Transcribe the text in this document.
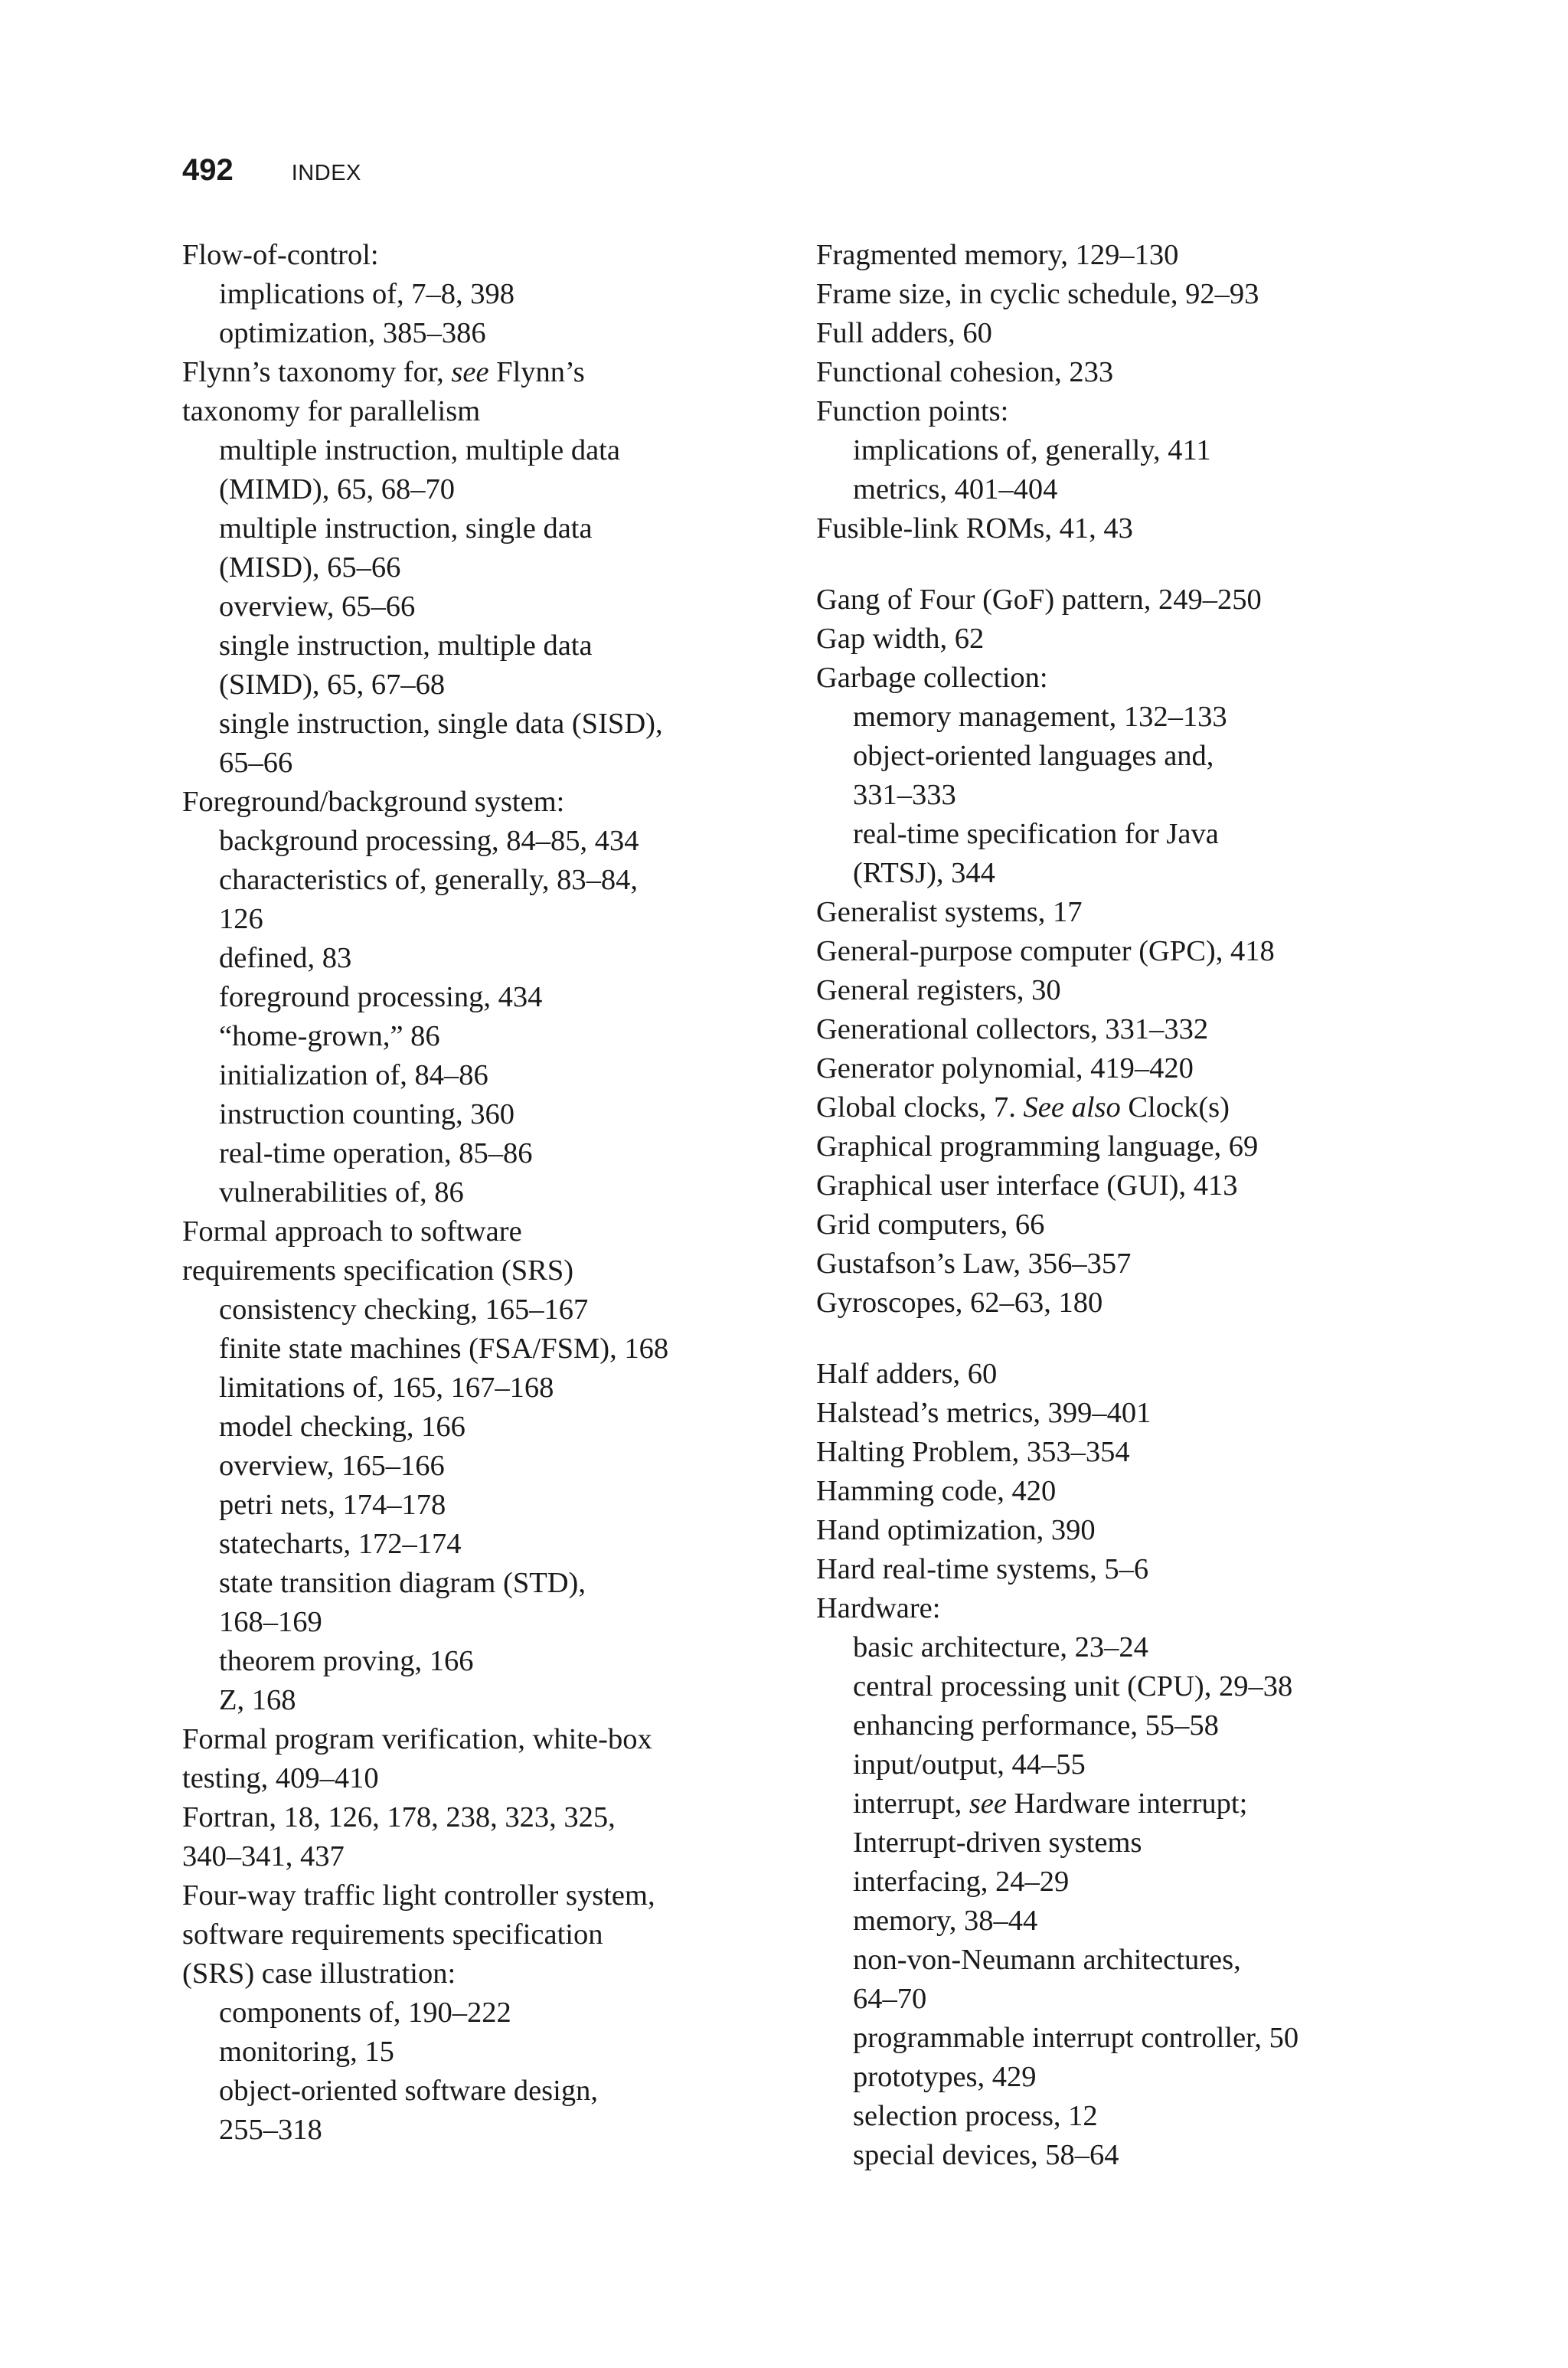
492	INDEX
Flow-of-control:
implications of, 7–8, 398
optimization, 385–386
Flynn’s taxonomy for, see Flynn’s
taxonomy for parallelism
multiple instruction, multiple data
(MIMD), 65, 68–70
multiple instruction, single data
(MISD), 65–66
overview, 65–66
single instruction, multiple data
(SIMD), 65, 67–68
single instruction, single data (SISD),
65–66
Foreground/background system:
background processing, 84–85, 434
characteristics of, generally, 83–84,
126
defined, 83
foreground processing, 434
“home-grown,” 86
initialization of, 84–86
instruction counting, 360
real-time operation, 85–86
vulnerabilities of, 86
Formal approach to software
requirements specification (SRS)
consistency checking, 165–167
finite state machines (FSA/FSM), 168
limitations of, 165, 167–168
model checking, 166
overview, 165–166
petri nets, 174–178
statecharts, 172–174
state transition diagram (STD),
168–169
theorem proving, 166
Z, 168
Formal program verification, white-box
testing, 409–410
Fortran, 18, 126, 178, 238, 323, 325,
340–341, 437
Four-way traffic light controller system,
software requirements specification
(SRS) case illustration:
components of, 190–222
monitoring, 15
object-oriented software design,
255–318
Fragmented memory, 129–130
Frame size, in cyclic schedule, 92–93
Full adders, 60
Functional cohesion, 233
Function points:
implications of, generally, 411
metrics, 401–404
Fusible-link ROMs, 41, 43
Gang of Four (GoF) pattern, 249–250
Gap width, 62
Garbage collection:
memory management, 132–133
object-oriented languages and,
331–333
real-time specification for Java
(RTSJ), 344
Generalist systems, 17
General-purpose computer (GPC), 418
General registers, 30
Generational collectors, 331–332
Generator polynomial, 419–420
Global clocks, 7. See also Clock(s)
Graphical programming language, 69
Graphical user interface (GUI), 413
Grid computers, 66
Gustafson’s Law, 356–357
Gyroscopes, 62–63, 180
Half adders, 60
Halstead’s metrics, 399–401
Halting Problem, 353–354
Hamming code, 420
Hand optimization, 390
Hard real-time systems, 5–6
Hardware:
basic architecture, 23–24
central processing unit (CPU), 29–38
enhancing performance, 55–58
input/output, 44–55
interrupt, see Hardware interrupt;
Interrupt-driven systems
interfacing, 24–29
memory, 38–44
non-von-Neumann architectures,
64–70
programmable interrupt controller, 50
prototypes, 429
selection process, 12
special devices, 58–64
